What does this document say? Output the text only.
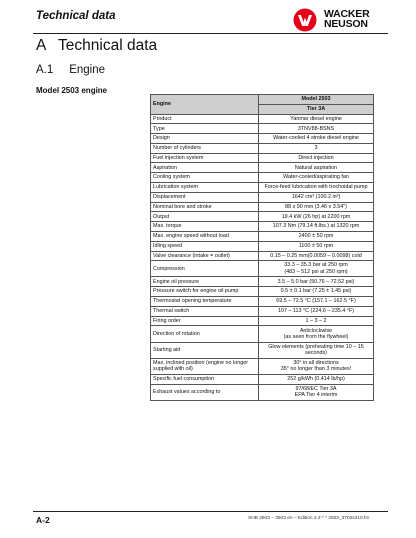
Technical data	WACKER
NEUSON
A Technical data
A.1 Engine
Model 2503 engine
Engine	Model 2503
	Tier 3A
Product	Yanmar diesel engine
Type	3TNV88-BSNS
Design	Water-cooled 4 stroke diesel engine
Number of cylinders	3
Fuel injection system	Direct injection
Aspiration	Natural aspiration
Cooling system	Water-cooled/aspirating fan
Lubrication system	Force-feed lubrication with trochoidal pump
Displacement	1642 cm³ (100.2 in³)
Nominal bore and stroke	88 x 90 mm (3.46 x 3.54")
Output	19.4 kW (26 hp) at 2200 rpm
Max. torque	107.3 Nm (79.14 ft.lbs.) at 1320 rpm
Max. engine speed without load	2400 ± 50 rpm
Idling speed	1100 ± 50 rpm
Valve clearance (intake = outlet)	0.15 – 0.25 mm(0.0059 – 0.0098) cold
Compression	33.3 – 35.3 bar at 250 rpm
(483 – 512 psi at 250 rpm)
Engine oil pressure	3.5 – 5.0 bar (50.76 – 72.52 psi)
Pressure switch for engine oil pump	0.5 ± 0.1 bar (7.25 ± 1.45 psi)
Thermostat opening temperature	69.5 – 72.5 °C (157.1 – 162.5 °F)
Thermal switch	107 – 113 °C (224.6 – 235.4 °F)
Firing order	1 – 3 – 2
Direction of rotation	Anticlockwise
(as seen from the flywheel)
Starting aid	Glow elements (preheating time 10 – 15
seconds)
Max. inclined position (engine no longer supplied with oil)	30° in all directions
35° no longer than 3 minutes!
Specific fuel consumption	252 g/kWh (0.414 lb/hp)
Exhaust values according to	97/68/EC Tier 3A
EPA Tier 4 interim
A-2	SHB 2503 – 3503 en – Edition 2.3 * * 2503_3702s210.fm
